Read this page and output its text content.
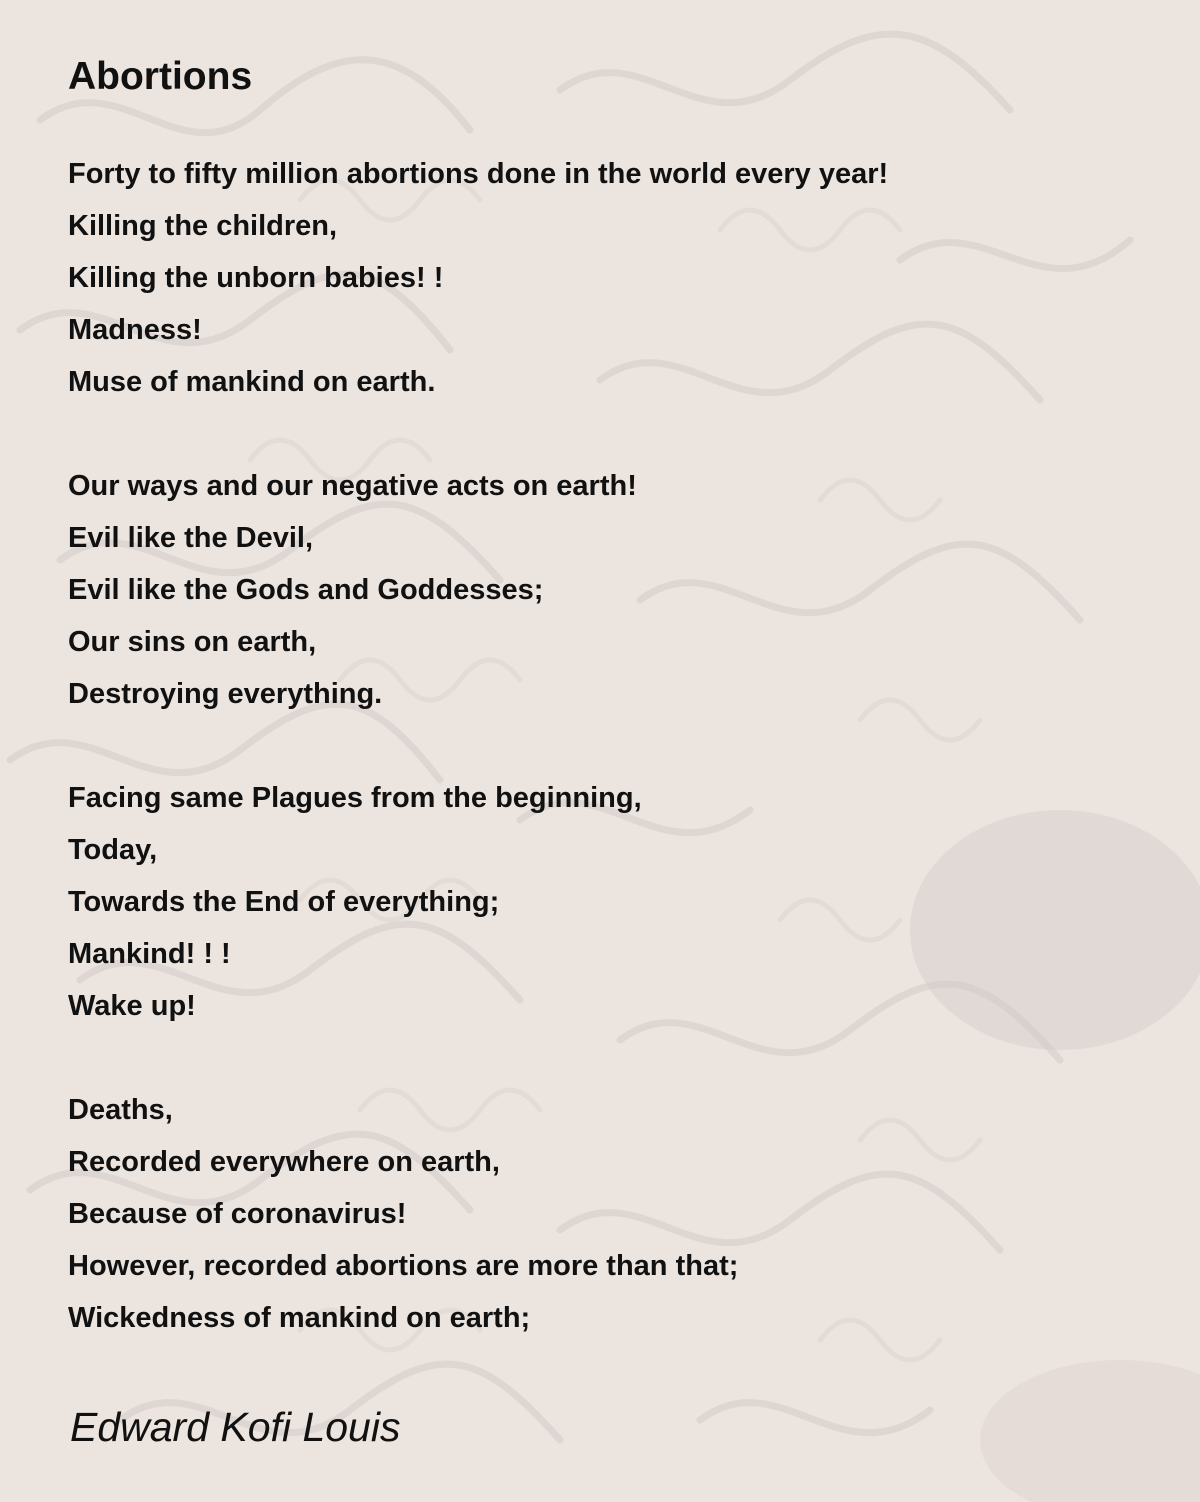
Abortions
Forty to fifty million abortions done in the world every year!
Killing the children,
Killing the unborn babies! !
Madness!
Muse of mankind on earth.
Our ways and our negative acts on earth!
Evil like the Devil,
Evil like the Gods and Goddesses;
Our sins on earth,
Destroying everything.
Facing same Plagues from the beginning,
Today,
Towards the End of everything;
Mankind! ! !
Wake up!
Deaths,
Recorded everywhere on earth,
Because of coronavirus!
However, recorded abortions are more than that;
Wickedness of mankind on earth;

Edward Kofi Louis
